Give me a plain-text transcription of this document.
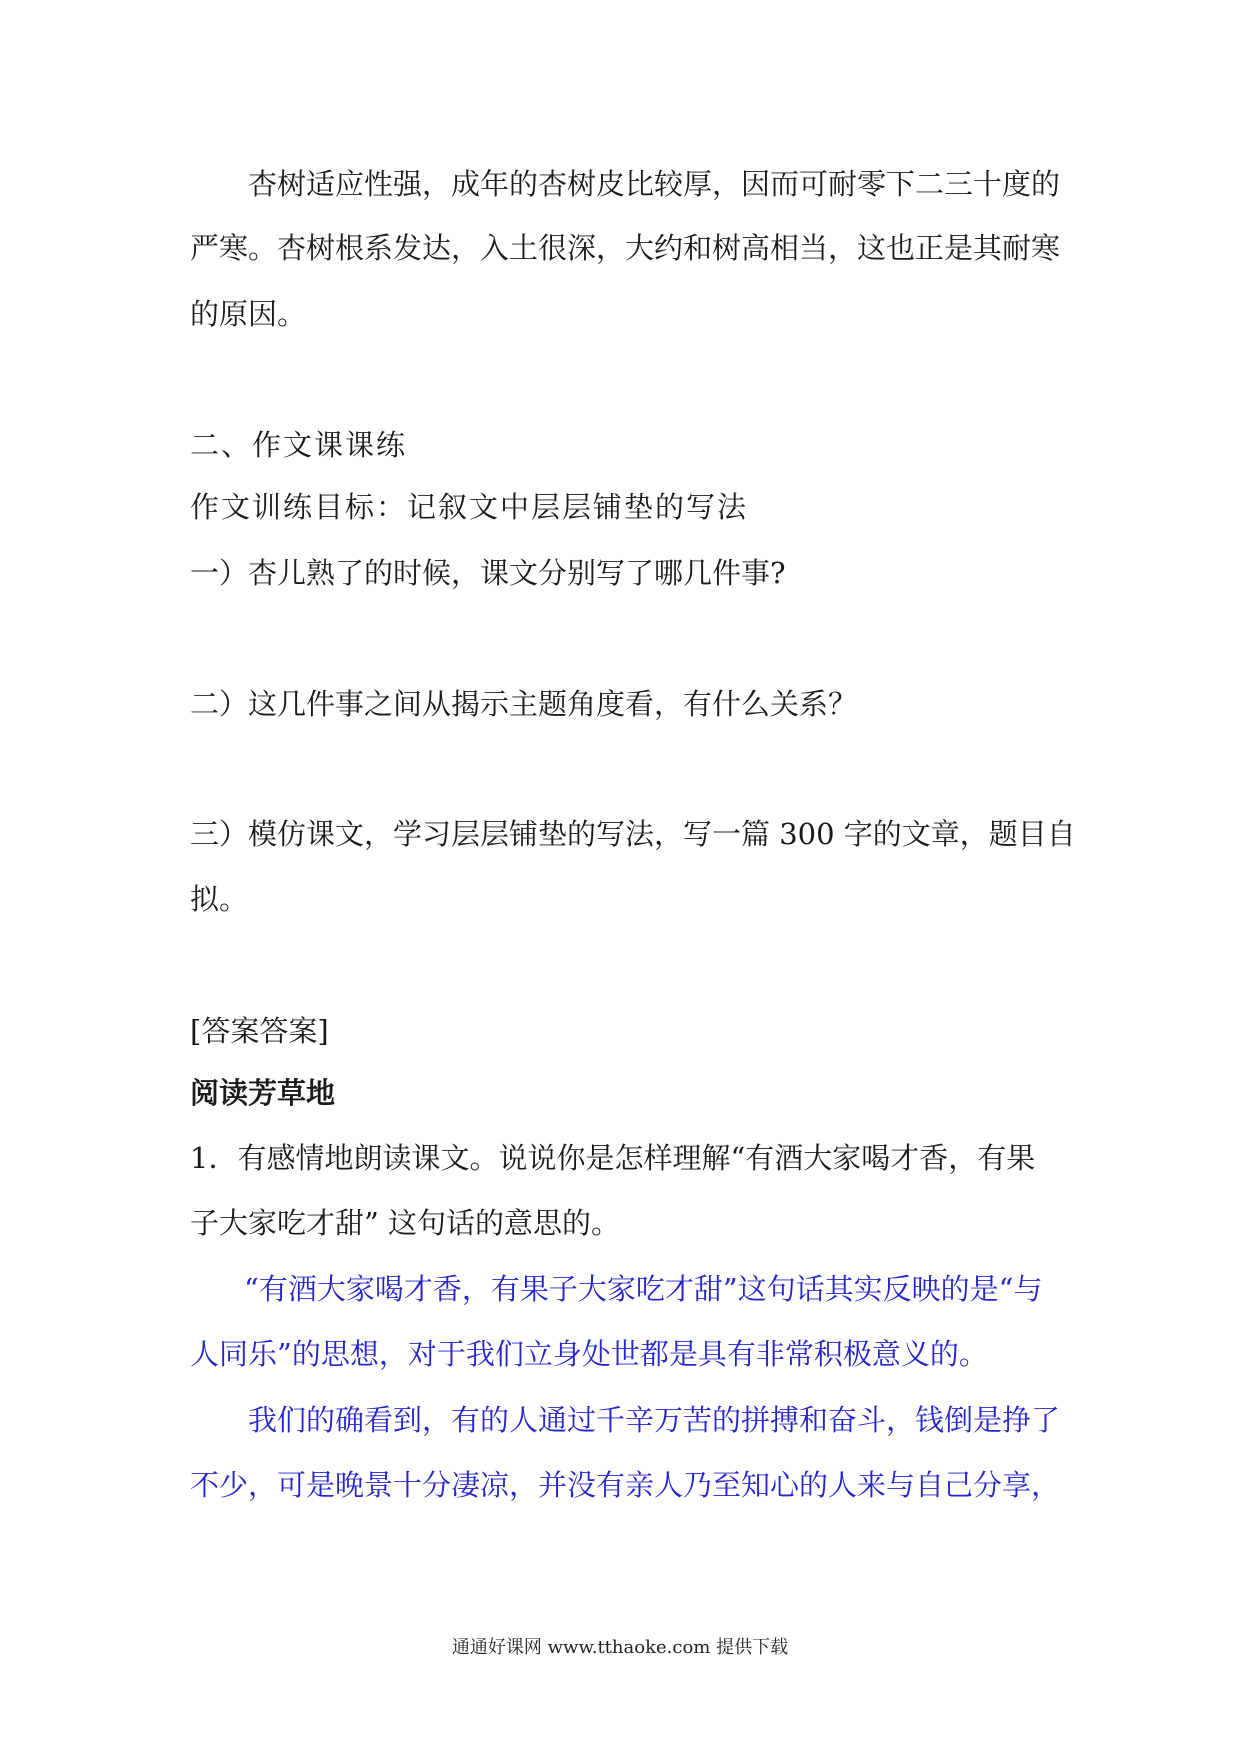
杏树适应性强，成年的杏树皮比较厚，因而可耐零下二三十度的
严寒。杏树根系发达，入土很深，大约和树高相当，这也正是其耐寒
的原因。
二、作文课课练
作文训练目标：记叙文中层层铺垫的写法
一）杏儿熟了的时候，课文分别写了哪几件事?
二）这几件事之间从揭示主题角度看，有什么关系？
三）模仿课文，学习层层铺垫的写法，写一篇 300 字的文章，题目自
拟。
[答案答案]
阅读芳草地
1．有感情地朗读课文。说说你是怎样理解“有酒大家喝才香，有果
子大家吃才甜” 这句话的意思的。
“有酒大家喝才香，有果子大家吃才甜”这句话其实反映的是“与
人同乐”的思想，对于我们立身处世都是具有非常积极意义的。
我们的确看到，有的人通过千辛万苦的拼搏和奋斗，钱倒是挣了
不少，可是晚景十分凄凉，并没有亲人乃至知心的人来与自己分享，
通通好课网 www.tthaoke.com 提供下载
